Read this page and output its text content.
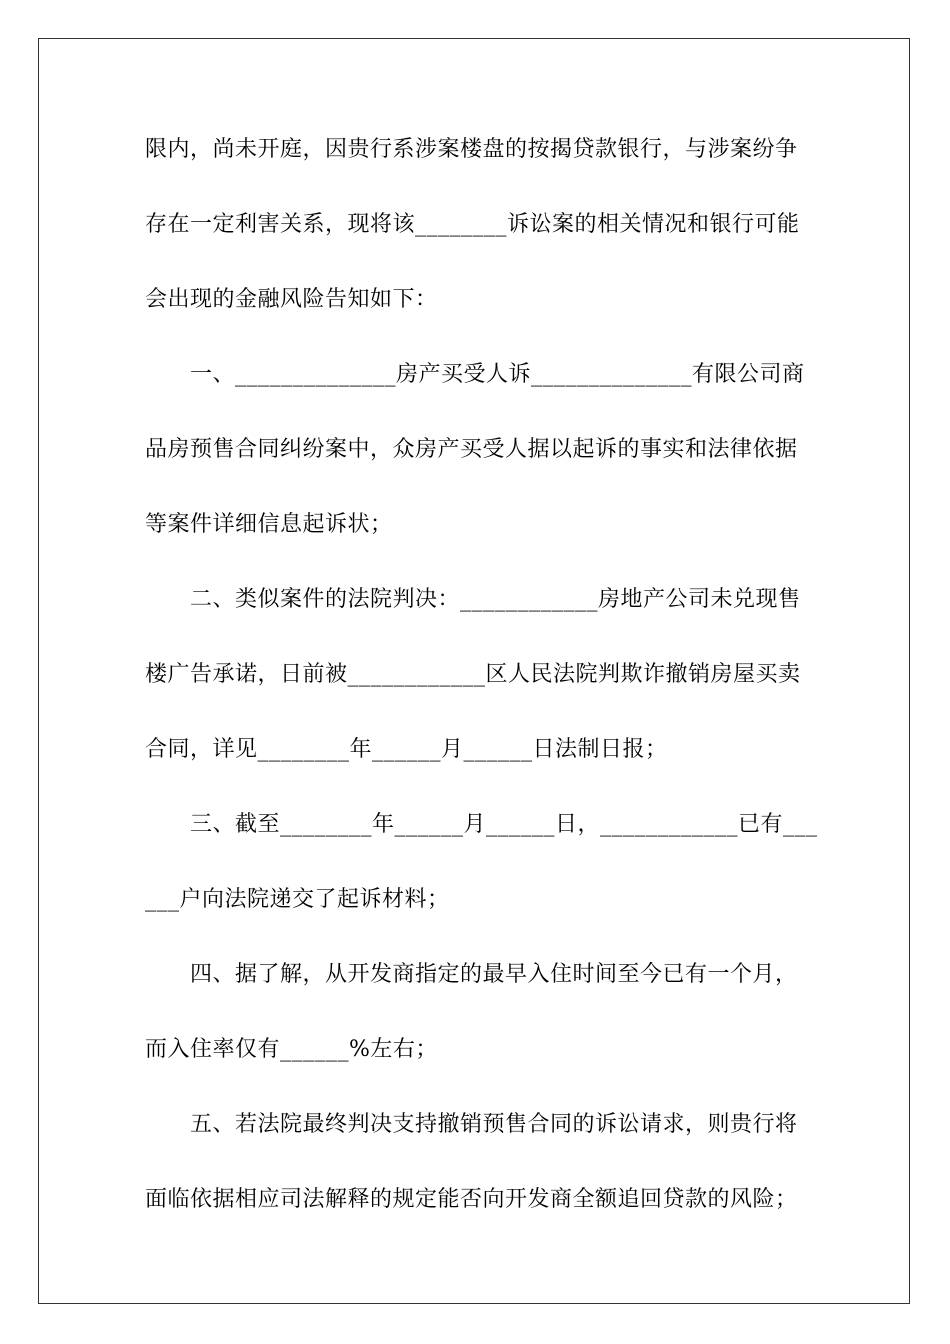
限内，尚未开庭，因贵行系涉案楼盘的按揭贷款银行，与涉案纷争
存在一定利害关系，现将该________诉讼案的相关情况和银行可能
会出现的金融风险告知如下：
一、______________房产买受人诉______________有限公司商
品房预售合同纠纷案中，众房产买受人据以起诉的事实和法律依据
等案件详细信息起诉状；
二、类似案件的法院判决：____________房地产公司未兑现售
楼广告承诺，日前被____________区人民法院判欺诈撤销房屋买卖
合同，详见________年______月______日法制日报；
三、截至________年______月______日，____________已有___
___户向法院递交了起诉材料；
四、据了解，从开发商指定的最早入住时间至今已有一个月，
而入住率仅有______%左右；
五、若法院最终判决支持撤销预售合同的诉讼请求，则贵行将
面临依据相应司法解释的规定能否向开发商全额追回贷款的风险；
